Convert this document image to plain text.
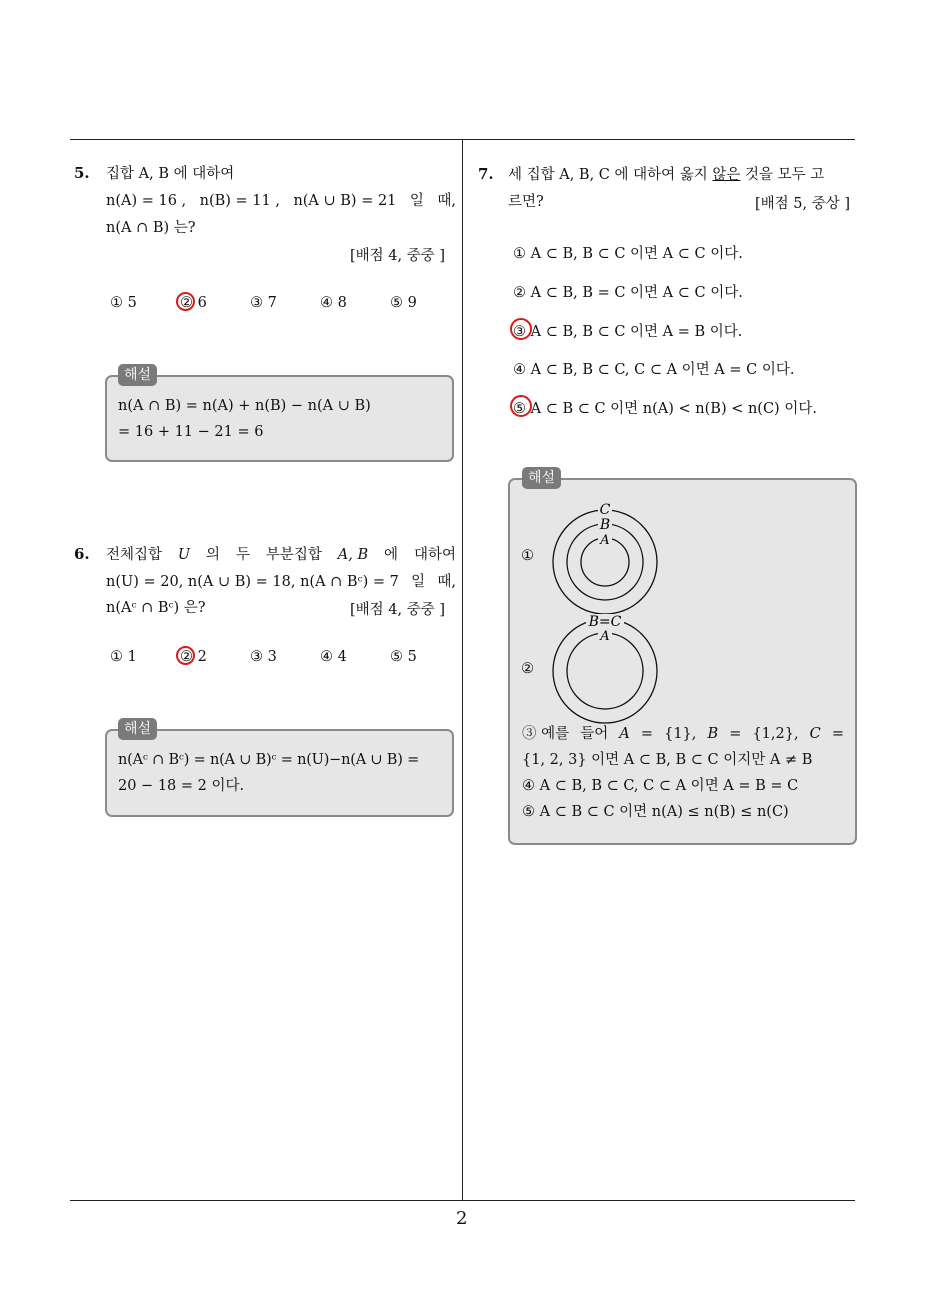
2
5. 집합 A, B 에 대하여
n(A) = 16 , n(B) = 11 , n(A ∪ B) = 21 일 때,
n(A ∩ B) 는?
[배점 4, 중중 ]
① 5	② 6	③ 7	④ 8	⑤ 9
해설
n(A ∩ B) = n(A) + n(B) − n(A ∪ B)
= 16 + 11 − 21 = 6
6. 전체집합 U 의 두 부분집합 A, B 에 대하여
n(U) = 20, n(A ∪ B) = 18, n(A ∩ Bᶜ) = 7 일 때,
n(Aᶜ ∩ Bᶜ) 은?	[배점 4, 중중 ]
① 1	② 2	③ 3	④ 4	⑤ 5
해설
n(Aᶜ ∩ Bᶜ) = n(A ∪ B)ᶜ = n(U)−n(A ∪ B) =
20 − 18 = 2 이다.
7. 세 집합 A, B, C 에 대하여 옳지 않은 것을 모두 고
르면?	[배점 5, 중상 ]
① A ⊂ B, B ⊂ C 이면 A ⊂ C 이다.
② A ⊂ B, B = C 이면 A ⊂ C 이다.
③ A ⊂ B, B ⊂ C 이면 A = B 이다.
④ A ⊂ B, B ⊂ C, C ⊂ A 이면 A = C 이다.
⑤ A ⊂ B ⊂ C 이면 n(A) < n(B) < n(C) 이다.
해설
①
C
B
A
②
B=C
A
③ 예를 들어 A = {1}, B = {1,2}, C =
{1, 2, 3} 이면 A ⊂ B, B ⊂ C 이지만 A ≠ B
④ A ⊂ B, B ⊂ C, C ⊂ A 이면 A = B = C
⑤ A ⊂ B ⊂ C 이면 n(A) ≤ n(B) ≤ n(C)
